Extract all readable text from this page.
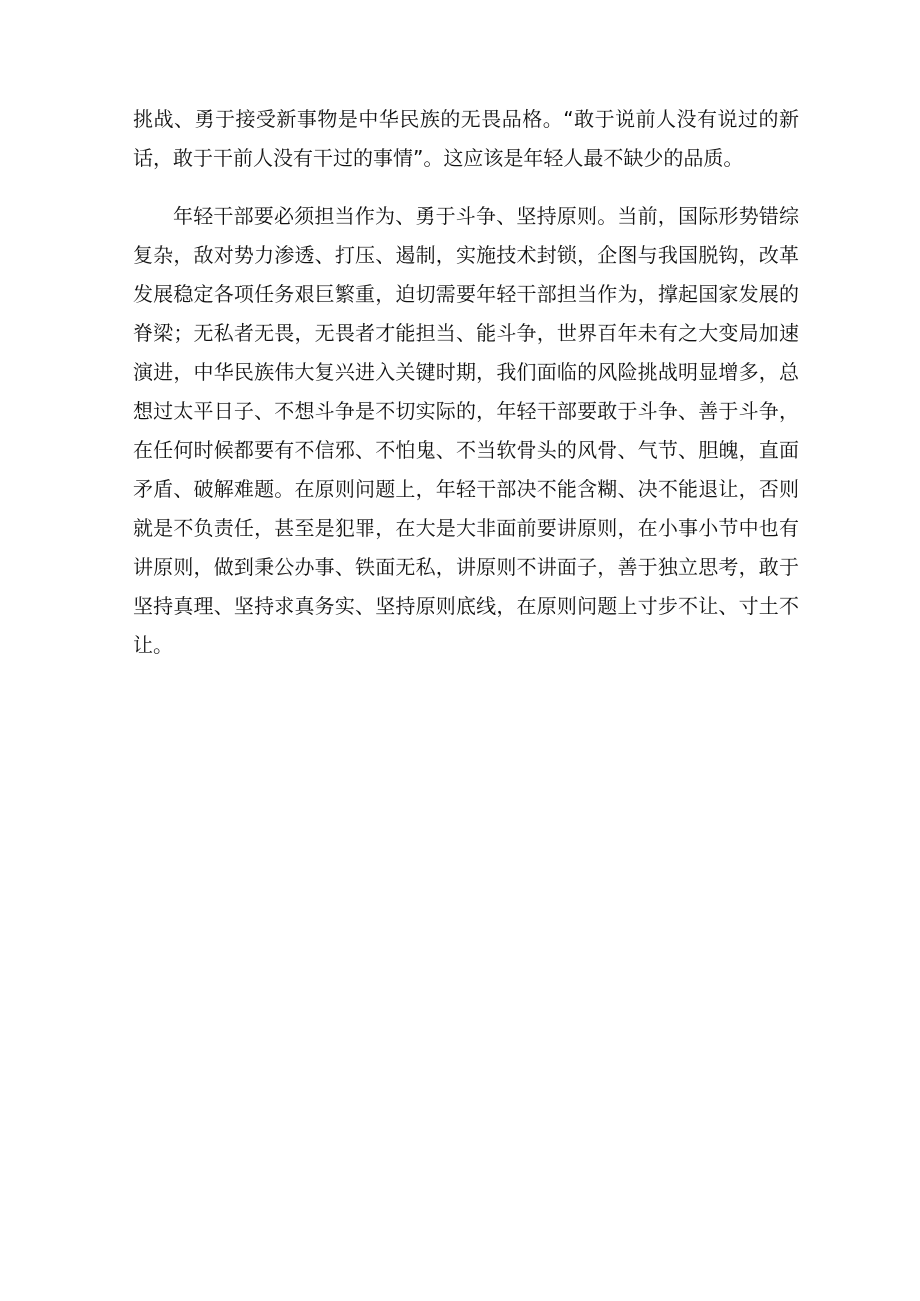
挑战、勇于接受新事物是中华民族的无畏品格。“敢于说前人没有说过的新
话，敢于干前人没有干过的事情”。这应该是年轻人最不缺少的品质。
年轻干部要必须担当作为、勇于斗争、坚持原则。当前，国际形势错综
复杂，敌对势力渗透、打压、遏制，实施技术封锁，企图与我国脱钩，改革
发展稳定各项任务艰巨繁重，迫切需要年轻干部担当作为，撑起国家发展的
脊梁；无私者无畏，无畏者才能担当、能斗争，世界百年未有之大变局加速
演进，中华民族伟大复兴进入关键时期，我们面临的风险挑战明显增多，总
想过太平日子、不想斗争是不切实际的，年轻干部要敢于斗争、善于斗争，
在任何时候都要有不信邪、不怕鬼、不当软骨头的风骨、气节、胆魄，直面
矛盾、破解难题。在原则问题上，年轻干部决不能含糊、决不能退让，否则
就是不负责任，甚至是犯罪，在大是大非面前要讲原则，在小事小节中也有
讲原则，做到秉公办事、铁面无私，讲原则不讲面子，善于独立思考，敢于
坚持真理、坚持求真务实、坚持原则底线，在原则问题上寸步不让、寸土不
让。
